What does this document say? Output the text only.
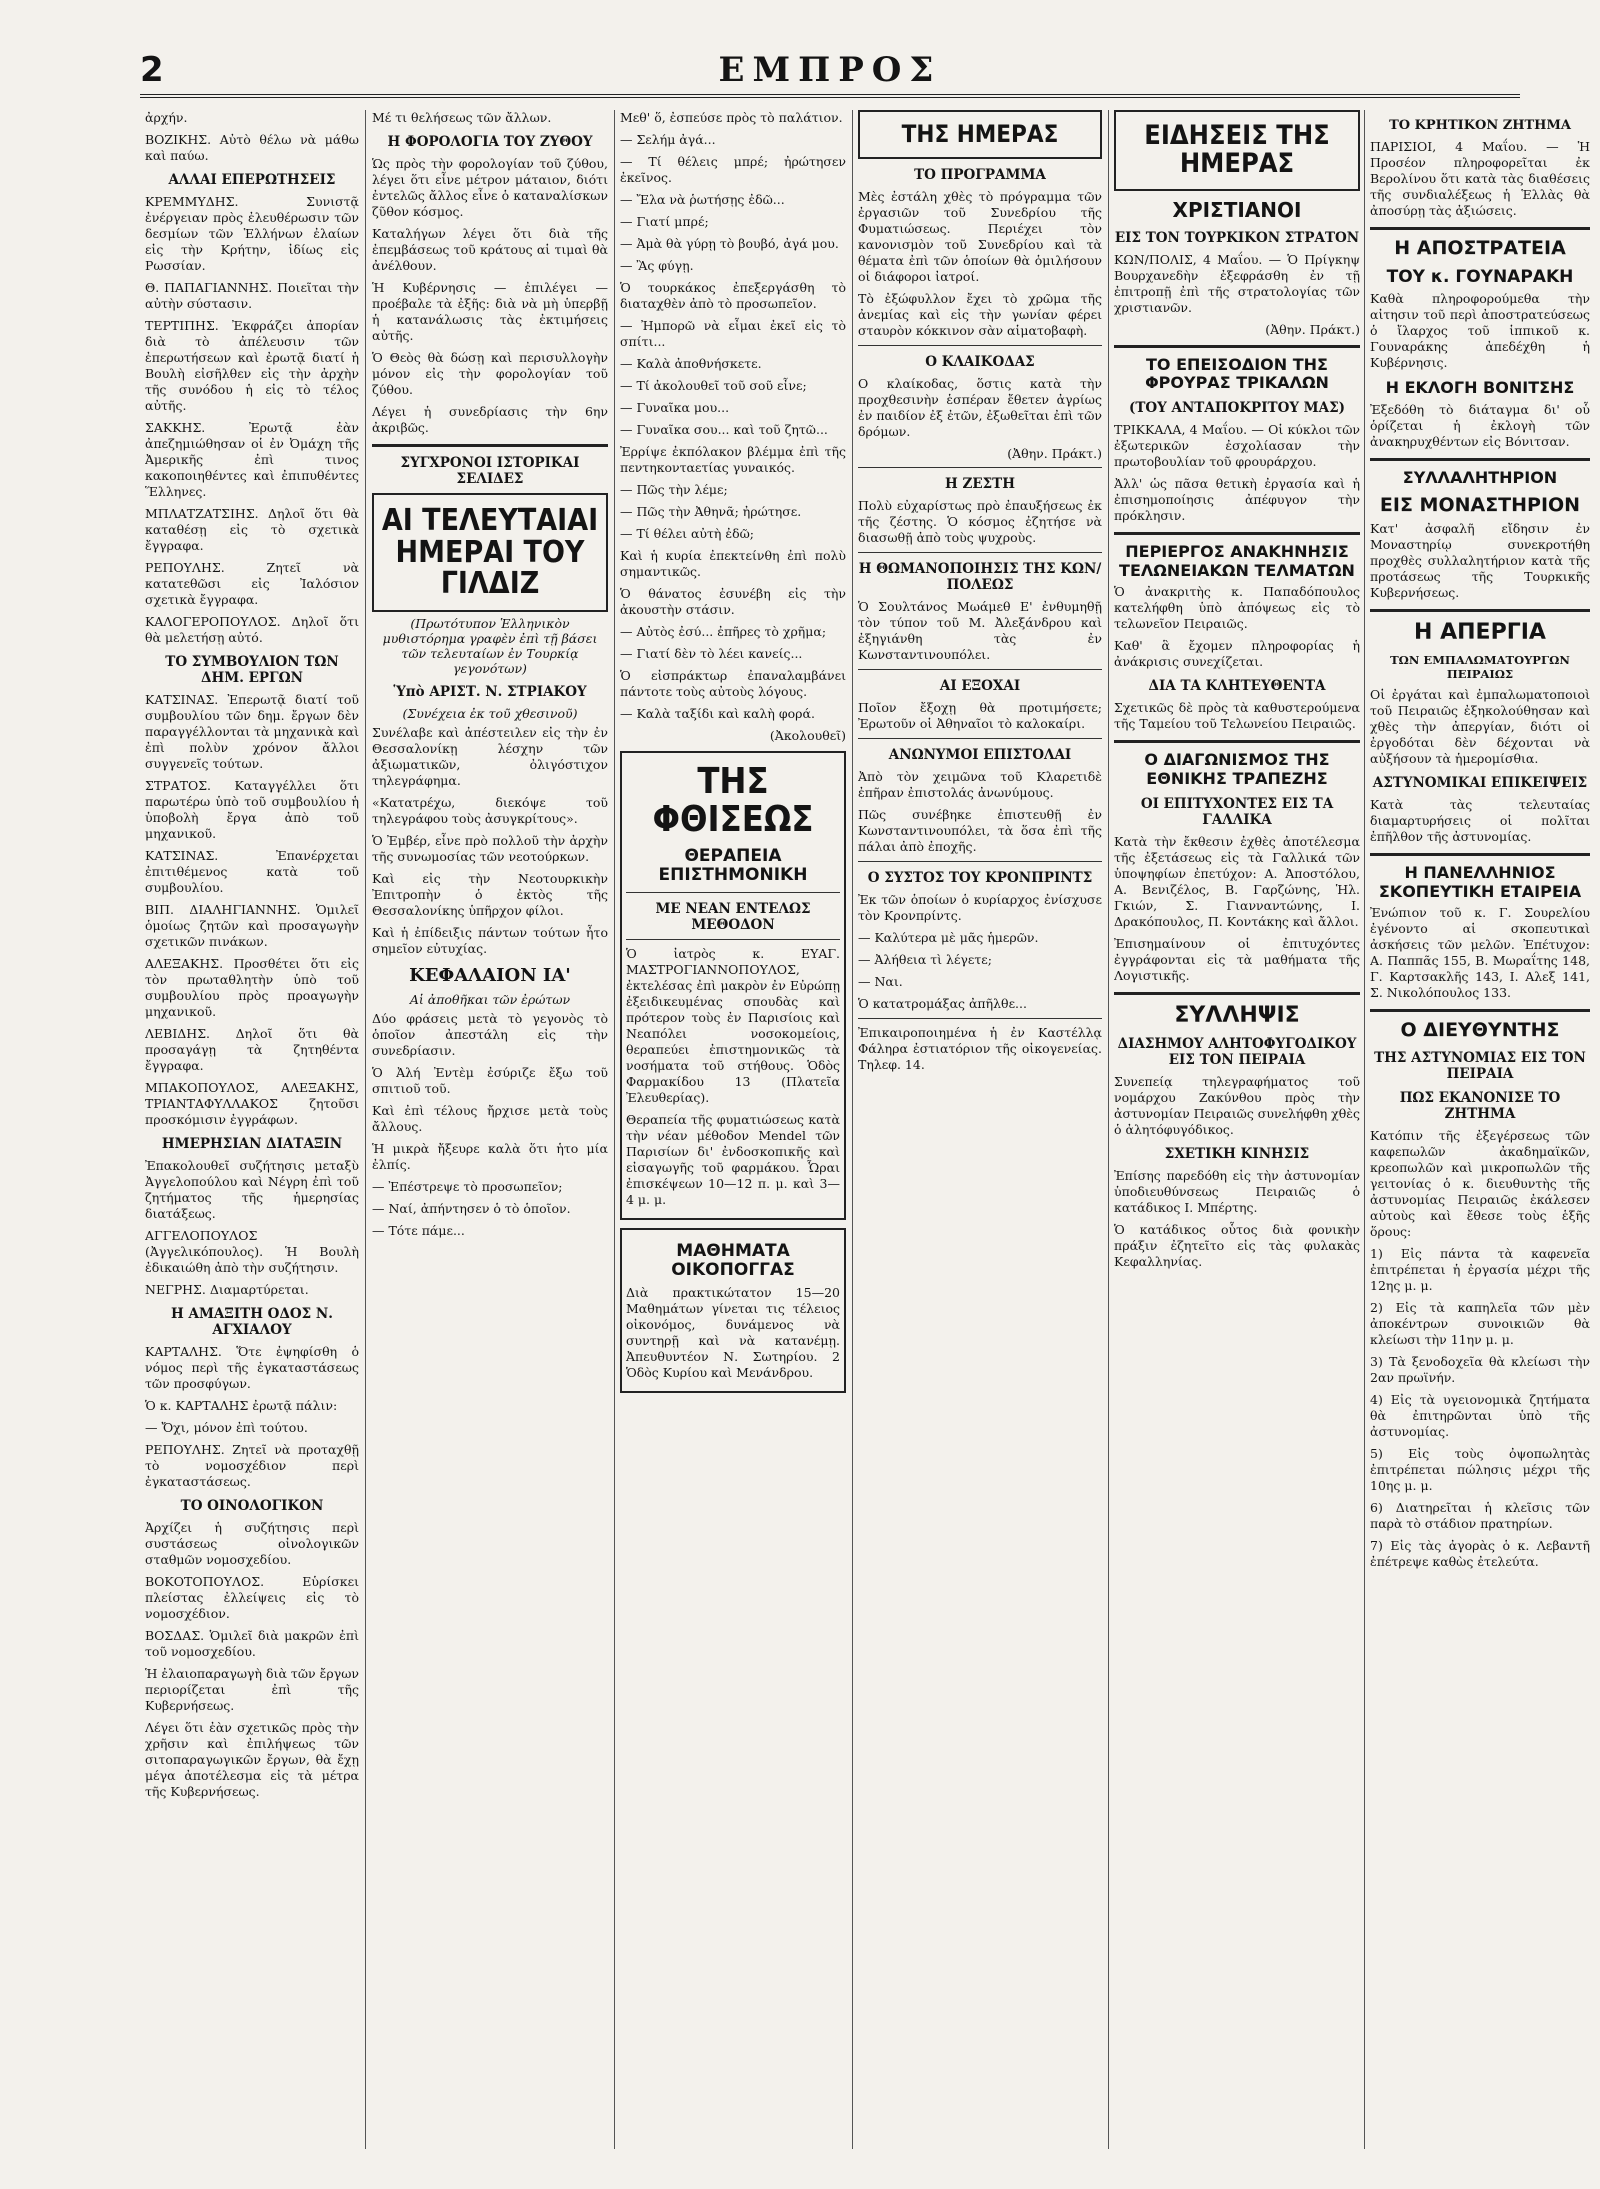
2	ΕΜΠΡΟΣ

ἀρχήν.

ΒΟΖΙΚΗΣ. Αὐτὸ θέλω νὰ μάθω καὶ παύω.

ΑΛΛΑΙ ΕΠΕΡΩΤΗΣΕΙΣ

ΚΡΕΜΜΥΔΗΣ. Συνιστᾷ ἐνέργειαν πρὸς ἐλευθέρωσιν τῶν δεσμίων τῶν Ἑλλήνων ἐλαίων εἰς τὴν Κρήτην, ἰδίως εἰς Ρωσσίαν.

Θ. ΠΑΠΑΓΙΑΝΝΗΣ. Ποιεῖται τὴν αὐτὴν σύστασιν.

ΤΕΡΤΙΠΗΣ. Ἐκφράζει ἀπορίαν διὰ τὸ ἀπέλευσιν τῶν ἐπερωτήσεων καὶ ἐρωτᾷ διατί ἡ Βουλὴ εἰσῆλθεν εἰς τὴν ἀρχὴν τῆς συνόδου ἡ εἰς τὸ τέλος αὐτῆς.

ΣΑΚΚΗΣ. Ἐρωτᾷ ἐὰν ἀπεζημιώθησαν οἱ ἐν Ὀμάχη τῆς Ἀμερικῆς ἐπὶ τινος κακοποιηθέντες καὶ ἐπιπυθέντες Ἕλληνες.

ΜΠΛΑΤΖΑΤΣΙΗΣ. Δηλοῖ ὅτι θὰ καταθέσῃ εἰς τὸ σχετικὰ ἔγγραφα.

ΡΕΠΟΥΛΗΣ. Ζητεῖ νὰ κατατεθῶσι εἰς Ἰαλόσιον σχετικὰ ἔγγραφα.

ΚΑΛΟΓΕΡΟΠΟΥΛΟΣ. Δηλοῖ ὅτι θὰ μελετήσῃ αὐτό.

ΤΟ ΣΥΜΒΟΥΛΙΟΝ ΤΩΝ ΔΗΜ. ΕΡΓΩΝ

ΚΑΤΣΙΝΑΣ. Ἐπερωτᾷ διατί τοῦ συμβουλίου τῶν δημ. ἔργων δὲν παραγγέλλονται τὰ μηχανικὰ καὶ ἐπὶ πολὺν χρόνον ἄλλοι συγγενεῖς τούτων.

ΣΤΡΑΤΟΣ. Καταγγέλλει ὅτι παρωτέρω ὑπὸ τοῦ συμβουλίου ἡ ὑποβολὴ ἔργα ἀπὸ τοῦ μηχανικοῦ.

ΚΑΤΣΙΝΑΣ. Ἐπανέρχεται ἐπιτιθέμενος κατὰ τοῦ συμβουλίου.

ΒΙΠ. ΔΙΑΛΗΓΙΑΝΝΗΣ. Ὁμιλεῖ ὁμοίως ζητῶν καὶ προσαγωγὴν σχετικῶν πινάκων.

ΑΛΕΞΑΚΗΣ. Προσθέτει ὅτι εἰς τὸν πρωταθλητὴν ὑπὸ τοῦ συμβουλίου πρὸς προαγωγὴν μηχανικοῦ.

ΛΕΒΙΔΗΣ. Δηλοῖ ὅτι θὰ προσαγάγῃ τὰ ζητηθέντα ἔγγραφα.

ΜΠΑΚΟΠΟΥΛΟΣ, ΑΛΕΞΑΚΗΣ, ΤΡΙΑΝΤΑΦΥΛΛΑΚΟΣ ζητοῦσι προσκόμισιν ἐγγράφων.

ΗΜΕΡΗΣΙΑΝ ΔΙΑΤΑΞΙΝ

Ἐπακολουθεῖ συζήτησις μεταξὺ Ἀγγελοπούλου καὶ Νέγρη ἐπὶ τοῦ ζητήματος τῆς ἡμερησίας διατάξεως.

ΑΓΓΕΛΟΠΟΥΛΟΣ (Ἀγγελικόπουλος). Ἡ Βουλὴ ἐδικαιώθη ἀπὸ τὴν συζήτησιν.

ΝΕΓΡΗΣ. Διαμαρτύρεται.

Η ΑΜΑΞΙΤΗ ΟΔΟΣ Ν. ΑΓΧΙΑΛΟΥ

ΚΑΡΤΑΛΗΣ. Ὅτε ἐψηφίσθη ὁ νόμος περὶ τῆς ἐγκαταστάσεως τῶν προσφύγων.

Ὁ κ. ΚΑΡΤΑΛΗΣ ἐρωτᾷ πάλιν:

— Ὄχι, μόνον ἐπὶ τούτου.

ΡΕΠΟΥΛΗΣ. Ζητεῖ νὰ προταχθῇ τὸ νομοσχέδιον περὶ ἐγκαταστάσεως.

ΤΟ ΟΙΝΟΛΟΓΙΚΟΝ

Ἀρχίζει ἡ συζήτησις περὶ συστάσεως οἰνολογικῶν σταθμῶν νομοσχεδίου.

ΒΟΚΟΤΟΠΟΥΛΟΣ. Εὑρίσκει πλείστας ἐλλείψεις εἰς τὸ νομοσχέδιον.

ΒΟΣΔΑΣ. Ὁμιλεῖ διὰ μακρῶν ἐπὶ τοῦ νομοσχεδίου.

Ἡ ἐλαιοπαραγωγὴ διὰ τῶν ἔργων περιορίζεται ἐπὶ τῆς Κυβερνήσεως.

Λέγει ὅτι ἐὰν σχετικῶς πρὸς τὴν χρῆσιν καὶ ἐπιλήψεως τῶν σιτοπαραγωγικῶν ἔργων, θὰ ἔχῃ μέγα ἀποτέλεσμα εἰς τὰ μέτρα τῆς Κυβερνήσεως.

Μέ τι θελήσεως τῶν ἄλλων.

Η ΦΟΡΟΛΟΓΙΑ ΤΟΥ ΖΥΘΟΥ

Ὡς πρὸς τὴν φορολογίαν τοῦ ζύθου, λέγει ὅτι εἶνε μέτρον μάταιον, διότι ἐντελῶς ἄλλος εἶνε ὁ καταναλίσκων ζῦθον κόσμος.

Καταλήγων λέγει ὅτι διὰ τῆς ἐπεμβάσεως τοῦ κράτους αἱ τιμαὶ θὰ ἀνέλθουν.

Ἡ Κυβέρνησις — ἐπιλέγει — προέβαλε τὰ ἐξῆς: διὰ νὰ μὴ ὑπερβῇ ἡ κατανάλωσις τὰς ἐκτιμήσεις αὐτῆς.

Ὁ Θεὸς θὰ δώσῃ καὶ περισυλλογὴν μόνον εἰς τὴν φορολογίαν τοῦ ζύθου.

Λέγει ἡ συνεδρίασις τὴν 6ην ἀκριβῶς.

ΣΥΓΧΡΟΝΟΙ ΙΣΤΟΡΙΚΑΙ ΣΕΛΙΔΕΣ
ΑΙ ΤΕΛΕΥΤΑΙΑΙ ΗΜΕΡΑΙ ΤΟΥ ΓΙΛΔΙΖ
(Πρωτότυπον Ἑλληνικὸν μυθιστόρημα γραφὲν ἐπὶ τῇ βάσει τῶν τελευταίων ἐν Τουρκίᾳ γεγονότων)
Ὑπὸ ΑΡΙΣΤ. Ν. ΣΤΡΙΑΚΟΥ
(Συνέχεια ἐκ τοῦ χθεσινοῦ)

Συνέλαβε καὶ ἀπέστειλεν εἰς τὴν ἐν Θεσσαλονίκῃ λέσχην τῶν ἀξιωματικῶν, ὀλιγόστιχον τηλεγράφημα.

«Κατατρέχω, διεκόψε τοῦ τηλεγράφου τοὺς ἀσυγκρίτους».

Ὁ Ἐμβέρ, εἶνε πρὸ πολλοῦ τὴν ἀρχὴν τῆς συνωμοσίας τῶν νεοτούρκων.

Καὶ εἰς τὴν Νεοτουρκικὴν Ἐπιτροπὴν ὁ ἐκτὸς τῆς Θεσσαλονίκης ὑπῆρχον φίλοι.

Καὶ ἡ ἐπίδειξις πάντων τούτων ἦτο σημεῖον εὐτυχίας.

ΚΕΦΑΛΑΙΟΝ ΙΑ'
Αἱ ἀποθῆκαι τῶν ἐρώτων

Δύο φράσεις μετὰ τὸ γεγονὸς τὸ ὁποῖον ἀπεστάλη εἰς τὴν συνεδρίασιν.

Ὁ Ἀλή Ἐντὲμ ἐσύριζε ἔξω τοῦ σπιτιοῦ τοῦ.

Καὶ ἐπὶ τέλους ἤρχισε μετὰ τοὺς ἄλλους.

Ἡ μικρὰ ἤξευρε καλὰ ὅτι ἡτο μία ἐλπίς.

— Ἐπέστρεψε τὸ προσωπεῖον;

— Ναί, ἀπήντησεν ὁ τὸ ὁποῖον.

— Τότε πάμε...

Μεθ' ὅ, ἐσπεύσε πρὸς τὸ παλάτιον.

— Σελήμ ἀγά...

— Τί θέλεις μπρέ; ἠρώτησεν ἐκεῖνος.

— Ἔλα νὰ ῥωτήσῃς ἐδῶ...

— Γιατί μπρέ;

— Ἀμὰ θὰ γύρῃ τὸ βουβό, ἀγά μου.

— Ἂς φύγῃ.

Ὁ τουρκάκος ἐπεξεργάσθη τὸ διαταχθὲν ἀπὸ τὸ προσωπεῖον.

— Ἠμπορῶ νὰ εἶμαι ἐκεῖ εἰς τὸ σπίτι...

— Καλὰ ἀποθνήσκετε.

— Τί ἀκολουθεῖ τοῦ σοῦ εἶνε;

— Γυναῖκα μου...

— Γυναῖκα σου... καὶ τοῦ ζητῶ...

Ἐρρίψε ἐκπόλακον βλέμμα ἐπὶ τῆς πεντηκονταετίας γυναικός.

— Πῶς τὴν λέμε;

— Πῶς τὴν Ἀθηνᾶ; ἠρώτησε.

— Τί θέλει αὐτὴ ἐδῶ;

Καὶ ἡ κυρία ἐπεκτείνθη ἐπὶ πολὺ σημαντικῶς.

Ὁ θάνατος ἐσυνέβη εἰς τὴν ἀκουστὴν στάσιν.

— Αὐτὸς ἐσύ... ἐπῆρες τὸ χρῆμα;

— Γιατί δὲν τὸ λέει κανείς...

Ὁ εἰσπράκτωρ ἐπαναλαμβάνει πάντοτε τοὺς αὐτοὺς λόγους.

— Καλὰ ταξίδι καὶ καλὴ φορά.

(Ἀκολουθεῖ)
ΤΗΣ ΦΘΙΣΕΩΣ
ΘΕΡΑΠΕΙΑ ΕΠΙΣΤΗΜΟΝΙΚΗ
ΜΕ ΝΕΑΝ ΕΝΤΕΛΩΣ ΜΕΘΟΔΟΝ

Ὁ ἰατρὸς κ. ΕΥΑΓ. ΜΑΣΤΡΟΓΙΑΝΝΟΠΟΥΛΟΣ, ἐκτελέσας ἐπὶ μακρὸν ἐν Εὐρώπῃ ἐξειδικευμένας σπουδὰς καὶ πρότερον τοὺς ἐν Παρισίοις καὶ Νεαπόλει νοσοκομείοις, θεραπεύει ἐπιστημονικῶς τὰ νοσήματα τοῦ στήθους. Ὁδὸς Φαρμακίδου 13 (Πλατεῖα Ἐλευθερίας).

Θεραπεία τῆς φυματιώσεως κατὰ τὴν νέαν μέθοδον Mendel τῶν Παρισίων δι' ἐνδοσκοπικῆς καὶ εἰσαγωγῆς τοῦ φαρμάκου. Ὧραι ἐπισκέψεων 10—12 π. μ. καὶ 3—4 μ. μ.

ΜΑΘΗΜΑΤΑ ΟΙΚΟΠΟΓΓΑΣ

Διὰ πρακτικώτατον 15—20 Μαθημάτων γίνεται τις τέλειος οἰκονόμος, δυνάμενος νὰ συντηρῇ καὶ νὰ κατανέμῃ. Ἀπευθυντέον Ν. Σωτηρίου. 2 Ὁδὸς Κυρίου καὶ Μενάνδρου.

ΤΗΣ ΗΜΕΡΑΣ
ΤΟ ΠΡΟΓΡΑΜΜΑ

Μὲς ἐστάλη χθὲς τὸ πρόγραμμα τῶν ἐργασιῶν τοῦ Συνεδρίου τῆς Φυματιώσεως. Περιέχει τὸν κανονισμὸν τοῦ Συνεδρίου καὶ τὰ θέματα ἐπὶ τῶν ὁποίων θὰ ὁμιλήσουν οἱ διάφοροι ἰατροί.

Τὸ ἐξώφυλλον ἔχει τὸ χρῶμα τῆς ἀνεμίας καὶ εἰς τὴν γωνίαν φέρει σταυρὸν κόκκινον σὰν αἱματοβαφὴ.

Ο ΚΛΑΙΚΟΔΑΣ

Ο κλαίκοδας, ὅστις κατὰ τὴν προχθεσινὴν ἑσπέραν ἔθετεν ἀγρίως ἐν παιδίον ἐξ ἐτῶν, ἐξωθεῖται ἐπὶ τῶν δρόμων.

(Ἀθην. Πράκτ.)
Η ΖΕΣΤΗ

Πολὺ εὐχαρίστως πρὸ ἐπαυξήσεως ἐκ τῆς ζέστης. Ὁ κόσμος ἐζητήσε νὰ διασωθῇ ἀπὸ τοὺς ψυχροὺς.

Η ΘΩΜΑΝΟΠΟΙΗΣΙΣ ΤΗΣ ΚΩΝ/ΠΟΛΕΩΣ

Ὁ Σουλτάνος Μωάμεθ Ε' ἐνθυμηθῇ τὸν τύπον τοῦ Μ. Ἀλεξάνδρου καὶ ἐξηγιάνθη τὰς ἐν Κωνσταντινουπόλει.

ΑΙ ΕΞΟΧΑΙ

Ποῖον ἔξοχῃ θὰ προτιμήσετε; Ἐρωτοῦν οἱ Ἀθηναῖοι τὸ καλοκαίρι.

ΑΝΩΝΥΜΟΙ ΕΠΙΣΤΟΛΑΙ

Ἀπὸ τὸν χειμῶνα τοῦ Κλαρετιδὲ ἐπῆραν ἐπιστολάς ἀνωνύμους.

Πῶς συνέβηκε ἐπιστευθῇ ἐν Κωνσταντινουπόλει, τὰ ὅσα ἐπὶ τῆς πάλαι ἀπὸ ἐποχῆς.

Ο ΣΥΣΤΟΣ ΤΟΥ ΚΡΟΝΠΡΙΝΤΣ

Ἐκ τῶν ὁποίων ὁ κυρίαρχος ἐνίσχυσε τὸν Κρονπρίντς.

— Καλύτερα μὲ μᾶς ἡμερῶν.

— Ἀλήθεια τὶ λέγετε;

— Ναι.

Ὁ κατατρομάξας ἀπῆλθε...

Ἐπικαιροποιημένα ἡ ἐν Καστέλλᾳ Φάληρα ἐστιατόριον τῆς οἰκογενείας. Τηλεφ. 14.

ΕΙΔΗΣΕΙΣ ΤΗΣ ΗΜΕΡΑΣ
ΧΡΙΣΤΙΑΝΟΙ
ΕΙΣ ΤΟΝ ΤΟΥΡΚΙΚΟΝ ΣΤΡΑΤΟΝ

ΚΩΝ/ΠΟΛΙΣ, 4 Μαΐου. — Ὁ Πρίγκηψ Βουρχανεδὴν ἐξεφράσθη ἐν τῇ ἐπιτροπῇ ἐπὶ τῆς στρατολογίας τῶν χριστιανῶν.

(Ἀθην. Πράκτ.)
ΤΟ ΕΠΕΙΣΟΔΙΟΝ ΤΗΣ ΦΡΟΥΡΑΣ ΤΡΙΚΑΛΩΝ
(ΤΟΥ ΑΝΤΑΠΟΚΡΙΤΟΥ ΜΑΣ)

ΤΡΙΚΚΑΛΑ, 4 Μαΐου. — Οἱ κύκλοι τῶν ἐξωτερικῶν ἐσχολίασαν τὴν πρωτοβουλίαν τοῦ φρουράρχου.

Ἀλλ' ὡς πᾶσα θετικὴ ἐργασία καὶ ἡ ἐπισημοποίησις ἀπέφυγον τὴν πρόκλησιν.

ΠΕΡΙΕΡΓΟΣ ΑΝΑΚΗΝΗΣΙΣ ΤΕΛΩΝΕΙΑΚΩΝ ΤΕΛΜΑΤΩΝ

Ὁ ἀνακριτὴς κ. Παπαδόπουλος κατελήφθη ὑπὸ ἀπόψεως εἰς τὸ τελωνεῖον Πειραιῶς.

Καθ' ἃ ἔχομεν πληροφορίας ἡ ἀνάκρισις συνεχίζεται.

ΔΙΑ ΤΑ ΚΛΗΤΕΥΘΕΝΤΑ

Σχετικῶς δὲ πρὸς τὰ καθυστερούμενα τῆς Ταμείου τοῦ Τελωνείου Πειραιῶς.

Ο ΔΙΑΓΩΝΙΣΜΟΣ ΤΗΣ ΕΘΝΙΚΗΣ ΤΡΑΠΕΖΗΣ
ΟΙ ΕΠΙΤΥΧΟΝΤΕΣ ΕΙΣ ΤΑ ΓΑΛΛΙΚΑ

Κατὰ τὴν ἔκθεσιν ἐχθὲς ἀποτέλεσμα τῆς ἐξετάσεως εἰς τὰ Γαλλικά τῶν ὑποψηφίων ἐπετύχον: Α. Ἀποστόλου, Α. Βενιζέλος, Β. Γαρζώνης, Ἡλ. Γκιών, Σ. Γιανναντώνης, Ι. Δρακόπουλος, Π. Κοντάκης καὶ ἄλλοι.

Ἐπισημαίνουν οἱ ἐπιτυχόντες ἐγγράφονται εἰς τὰ μαθήματα τῆς Λογιστικῆς.

ΣΥΛΛΗΨΙΣ
ΔΙΑΣΗΜΟΥ ΑΛΗΤΟΦΥΓΟΔΙΚΟΥ ΕΙΣ ΤΟΝ ΠΕΙΡΑΙΑ

Συνεπείᾳ τηλεγραφήματος τοῦ νομάρχου Ζακύνθου πρὸς τὴν ἀστυνομίαν Πειραιῶς συνελήφθη χθὲς ὁ ἀλητόφυγόδικος.

ΣΧΕΤΙΚΗ ΚΙΝΗΣΙΣ

Ἐπίσης παρεδόθη εἰς τὴν ἀστυνομίαν ὑποδιευθύνσεως Πειραιῶς ὁ κατάδικος Ι. Μπέρτης.

Ὁ κατάδικος οὗτος διὰ φονικὴν πράξιν ἐζητεῖτο εἰς τὰς φυλακὰς Κεφαλληνίας.

ΤΟ ΚΡΗΤΙΚΟΝ ΖΗΤΗΜΑ

ΠΑΡΙΣΙΟΙ, 4 Μαΐου. — Ἡ Προσέον πληροφορεῖται ἐκ Βερολίνου ὅτι κατὰ τὰς διαθέσεις τῆς συνδιαλέξεως ἡ Ἑλλὰς θὰ ἀποσύρῃ τὰς ἀξιώσεις.

Η ΑΠΟΣΤΡΑΤΕΙΑ
ΤΟΥ κ. ΓΟΥΝΑΡΑΚΗ

Καθὰ πληροφορούμεθα τὴν αἰτησιν τοῦ περὶ ἀποστρατεύσεως ὁ ἴλαρχος τοῦ ἱππικοῦ κ. Γουναράκης ἀπεδέχθη ἡ Κυβέρνησις.

Η ΕΚΛΟΓΗ ΒΟΝΙΤΣΗΣ

Ἐξεδόθη τὸ διάταγμα δι' οὗ ὁρίζεται ἡ ἐκλογὴ τῶν ἀνακηρυχθέντων εἰς Βόνιτσαν.

ΣΥΛΛΑΛΗΤΗΡΙΟΝ
ΕΙΣ ΜΟΝΑΣΤΗΡΙΟΝ

Κατ' ἀσφαλῆ εἴδησιν ἐν Μοναστηρίῳ συνεκροτήθη προχθὲς συλλαλητήριον κατὰ τῆς προτάσεως τῆς Τουρκικῆς Κυβερνήσεως.

Η ΑΠΕΡΓΙΑ
ΤΩΝ ΕΜΠΑΛΩΜΑΤΟΥΡΓΩΝ ΠΕΙΡΑΙΩΣ

Οἱ ἐργάται καὶ ἐμπαλωματοποιοὶ τοῦ Πειραιῶς ἐξηκολούθησαν καὶ χθὲς τὴν ἀπεργίαν, διότι οἱ ἐργοδόται δὲν δέχονται νὰ αὐξήσουν τὰ ἡμερομίσθια.

ΑΣΤΥΝΟΜΙΚΑΙ ΕΠΙΚΕΙΨΕΙΣ

Κατὰ τὰς τελευταίας διαμαρτυρήσεις οἱ πολῖται ἐπῆλθον τῆς ἀστυνομίας.

Η ΠΑΝΕΛΛΗΝΙΟΣ ΣΚΟΠΕΥΤΙΚΗ ΕΤΑΙΡΕΙΑ

Ἐνώπιον τοῦ κ. Γ. Σουρελίου ἐγένοντο αἱ σκοπευτικαὶ ἀσκήσεις τῶν μελῶν. Ἐπέτυχον: Α. Παππᾶς 155, Β. Μωραΐτης 148, Γ. Καρτσακλῆς 143, Ι. Αλεξ 141, Σ. Νικολόπουλος 133.

Ο ΔΙΕΥΘΥΝΤΗΣ
ΤΗΣ ΑΣΤΥΝΟΜΙΑΣ ΕΙΣ ΤΟΝ ΠΕΙΡΑΙΑ
ΠΩΣ ΕΚΑΝΟΝΙΣΕ ΤΟ ΖΗΤΗΜΑ

Κατόπιν τῆς ἐξεγέρσεως τῶν καφεπωλῶν ἀκαδημαϊκῶν, κρεοπωλῶν καὶ μικροπωλῶν τῆς γειτονίας ὁ κ. διευθυντὴς τῆς ἀστυνομίας Πειραιῶς ἐκάλεσεν αὐτοὺς καὶ ἔθεσε τοὺς ἑξῆς ὅρους:

1) Εἰς πάντα τὰ καφενεῖα ἐπιτρέπεται ἡ ἐργασία μέχρι τῆς 12ης μ. μ.

2) Εἰς τὰ καπηλεῖα τῶν μὲν ἀποκέντρων συνοικιῶν θὰ κλείωσι τὴν 11ην μ. μ.

3) Τὰ ξενοδοχεῖα θὰ κλείωσι τὴν 2αν πρωϊνήν.

4) Εἰς τὰ υγειονομικὰ ζητήματα θὰ ἐπιτηρῶνται ὑπὸ τῆς ἀστυνομίας.

5) Εἰς τοὺς ὀψοπωλητὰς ἐπιτρέπεται πώλησις μέχρι τῆς 10ης μ. μ.

6) Διατηρεῖται ἡ κλεῖσις τῶν παρὰ τὸ στάδιον πρατηρίων.

7) Εἰς τὰς ἀγορὰς ὁ κ. Λεβαντῆ ἐπέτρεψε καθὼς ἐτελεύτα.
